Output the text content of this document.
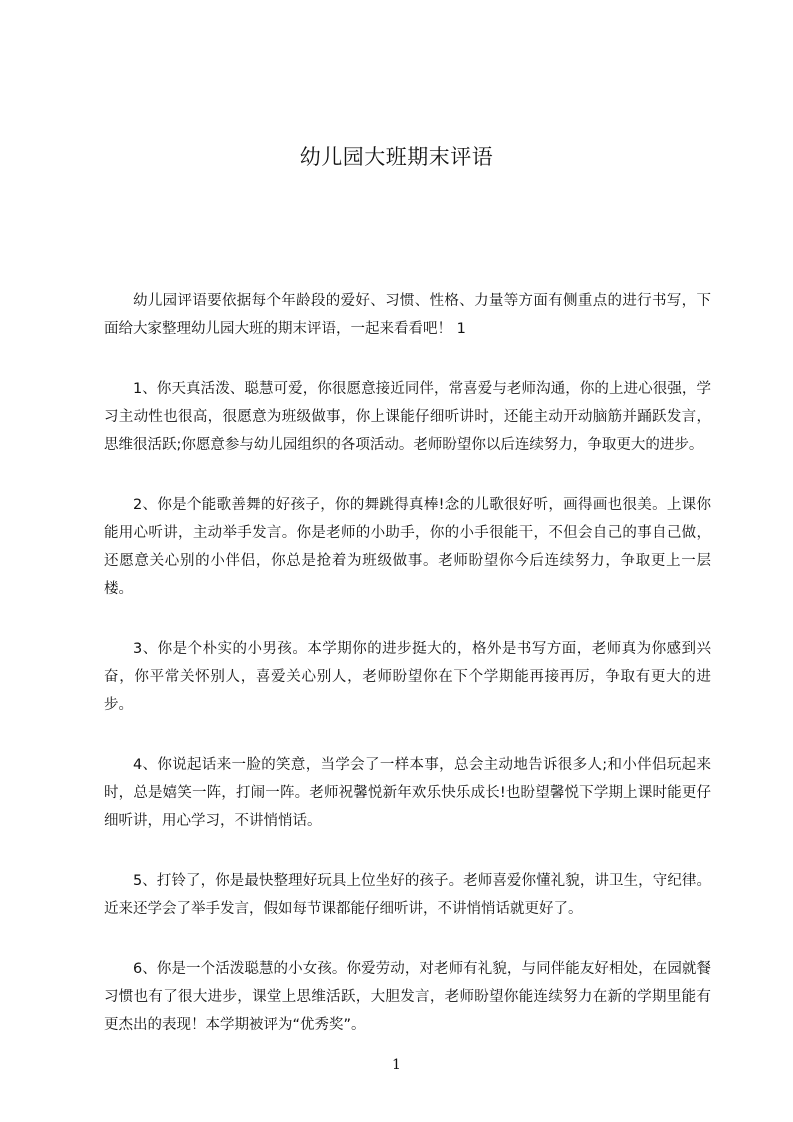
幼儿园大班期末评语

幼儿园评语要依据每个年龄段的爱好、习惯、性格、力量等方面有侧重点的进行书写，下面给大家整理幼儿园大班的期末评语，一起来看看吧！ 1

1、你天真活泼、聪慧可爱，你很愿意接近同伴，常喜爱与老师沟通，你的上进心很强，学习主动性也很高，很愿意为班级做事，你上课能仔细听讲时，还能主动开动脑筋并踊跃发言，思维很活跃;你愿意参与幼儿园组织的各项活动。老师盼望你以后连续努力，争取更大的进步。

2、你是个能歌善舞的好孩子，你的舞跳得真棒!念的儿歌很好听，画得画也很美。上课你能用心听讲，主动举手发言。你是老师的小助手，你的小手很能干，不但会自己的事自己做，还愿意关心别的小伴侣，你总是抢着为班级做事。老师盼望你今后连续努力，争取更上一层楼。

3、你是个朴实的小男孩。本学期你的进步挺大的，格外是书写方面，老师真为你感到兴奋，你平常关怀别人，喜爱关心别人，老师盼望你在下个学期能再接再厉，争取有更大的进步。

4、你说起话来一脸的笑意，当学会了一样本事，总会主动地告诉很多人;和小伴侣玩起来时，总是嬉笑一阵，打闹一阵。老师祝馨悦新年欢乐快乐成长!也盼望馨悦下学期上课时能更仔细听讲，用心学习，不讲悄悄话。

5、打铃了，你是最快整理好玩具上位坐好的孩子。老师喜爱你懂礼貌，讲卫生，守纪律。近来还学会了举手发言，假如每节课都能仔细听讲，不讲悄悄话就更好了。

6、你是一个活泼聪慧的小女孩。你爱劳动，对老师有礼貌，与同伴能友好相处，在园就餐习惯也有了很大进步，课堂上思维活跃，大胆发言，老师盼望你能连续努力在新的学期里能有更杰出的表现！本学期被评为“优秀奖”。

1
